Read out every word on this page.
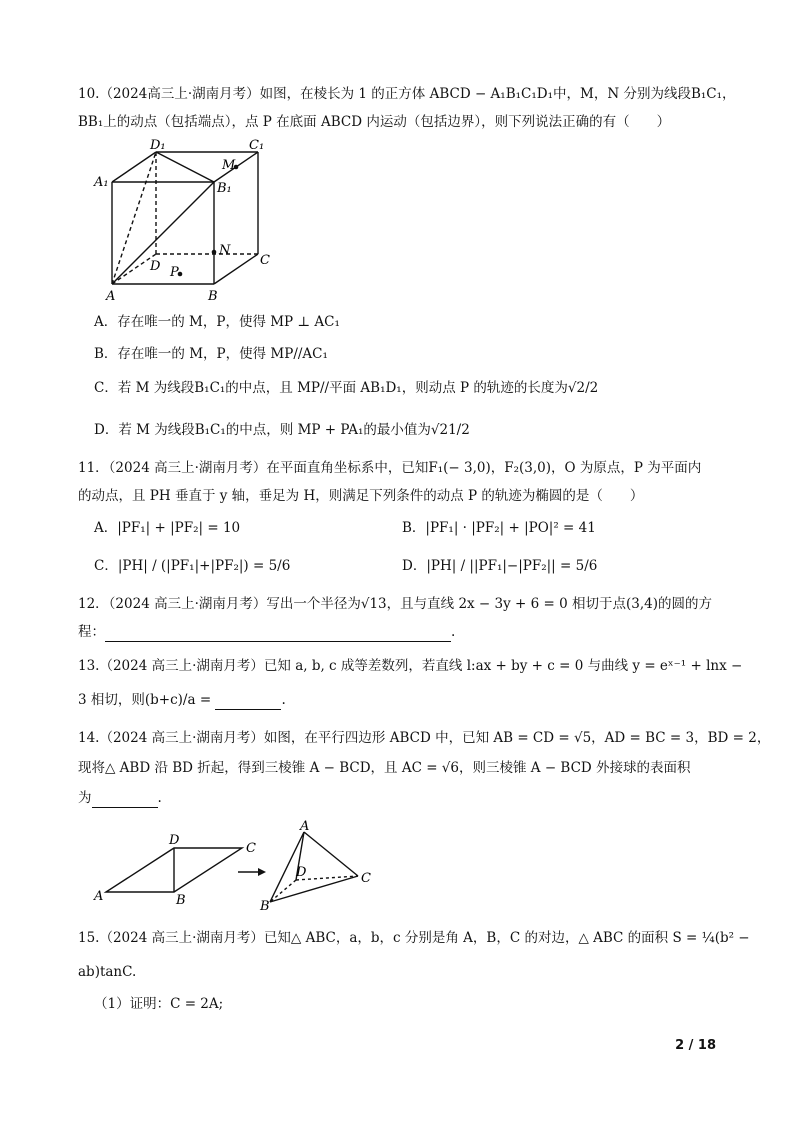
10.（2024高三上·湖南月考）如图，在棱长为 1 的正方体 ABCD − A₁B₁C₁D₁中，M，N 分别为线段B₁C₁，
BB₁上的动点（包括端点），点 P 在底面 ABCD 内运动（包括边界），则下列说法正确的有（　　）
D₁	C₁
A₁	B₁
M
N
D P
C
A	B
A．存在唯一的 M，P，使得 MP ⊥ AC₁
B．存在唯一的 M，P，使得 MP//AC₁
C．若 M 为线段B₁C₁的中点，且 MP//平面 AB₁D₁，则动点 P 的轨迹的长度为√2/2
D．若 M 为线段B₁C₁的中点，则 MP + PA₁的最小值为√21/2
11．（2024 高三上·湖南月考）在平面直角坐标系中，已知F₁(− 3,0)，F₂(3,0)，O 为原点，P 为平面内
的动点，且 PH 垂直于 y 轴，垂足为 H，则满足下列条件的动点 P 的轨迹为椭圆的是（　　）
A．|PF₁| + |PF₂| = 10	B．|PF₁| · |PF₂| + |PO|² = 41
C．|PH| / (|PF₁|+|PF₂|) = 5/6	D．|PH| / ||PF₁|−|PF₂|| = 5/6
12．（2024 高三上·湖南月考）写出一个半径为√13，且与直线 2x − 3y + 6 = 0 相切于点(3,4)的圆的方
程：	.
13.（2024 高三上·湖南月考）已知 a, b, c 成等差数列，若直线 l:ax + by + c = 0 与曲线 y = eˣ⁻¹ + lnx −
3 相切，则(b+c)/a =	.
14.（2024 高三上·湖南月考）如图，在平行四边形 ABCD 中，已知 AB = CD = √5，AD = BC = 3，BD = 2，
现将△ ABD 沿 BD 折起，得到三棱锥 A − BCD，且 AC = √6，则三棱锥 A − BCD 外接球的表面积
为	.
A	B
D
C
A
D	C
B
15.（2024 高三上·湖南月考）已知△ ABC，a，b，c 分别是角 A，B，C 的对边，△ ABC 的面积 S = ¼(b² −
ab)tanC.
（1）证明：C = 2A;
2 / 18
